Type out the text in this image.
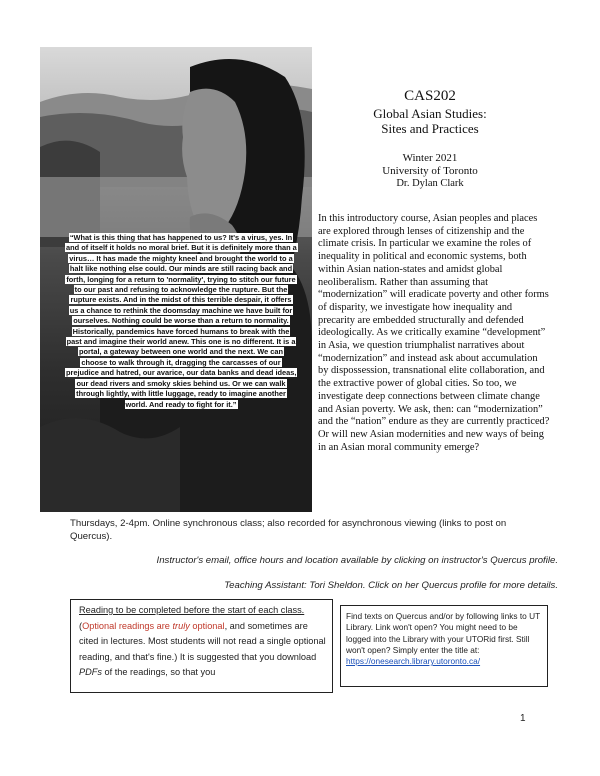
“What is this thing that has happened to us? It's a virus, yes. In and of itself it holds no moral brief. But it is definitely more than a virus… It has made the mighty kneel and brought the world to a halt like nothing else could. Our minds are still racing back and forth, longing for a return to 'normality', trying to stitch our future to our past and refusing to acknowledge the rupture. But the rupture exists. And in the midst of this terrible despair, it offers us a chance to rethink the doomsday machine we have built for ourselves. Nothing could be worse than a return to normality. Historically, pandemics have forced humans to break with the past and imagine their world anew. This one is no different. It is a portal, a gateway between one world and the next. We can choose to walk through it, dragging the carcasses of our prejudice and hatred, our avarice, our data banks and dead ideas, our dead rivers and smoky skies behind us. Or we can walk through lightly, with little luggage, ready to imagine another world. And ready to fight for it.”
CAS202
Global Asian Studies:
Sites and Practices
Winter 2021
University of Toronto
Dr. Dylan Clark
In this introductory course, Asian peoples and places are explored through lenses of citizenship and the climate crisis. In particular we examine the roles of inequality in political and economic systems, both within Asian nation-states and amidst global neoliberalism. Rather than assuming that “modernization” will eradicate poverty and other forms of disparity, we investigate how inequality and precarity are embedded structurally and defended ideologically. As we critically examine “development” in Asia, we question triumphalist narratives about “modernization” and instead ask about accumulation by dispossession, transnational elite collaboration, and the extractive power of global cities. So too, we investigate deep connections between climate change and Asian poverty. We ask, then: can “modernization” and the “nation” endure as they are currently practiced? Or will new Asian modernities and new ways of being in an Asian moral community emerge?
Thursdays, 2-4pm. Online synchronous class; also recorded for asynchronous viewing (links to post on Quercus).
Instructor's email, office hours and location available by clicking on instructor's Quercus profile.
Teaching Assistant: Tori Sheldon. Click on her Quercus profile for more details.
Reading to be completed before the start of each class.
(Optional readings are truly optional, and sometimes are cited in lectures. Most students will not read a single optional reading, and that's fine.) It is suggested that you download PDFs of the readings, so that you
Find texts on Quercus and/or by following links to UT Library. Link won't open? You might need to be logged into the Library with your UTORid first. Still won't open? Simply enter the title at:
https://onesearch.library.utoronto.ca/
1
